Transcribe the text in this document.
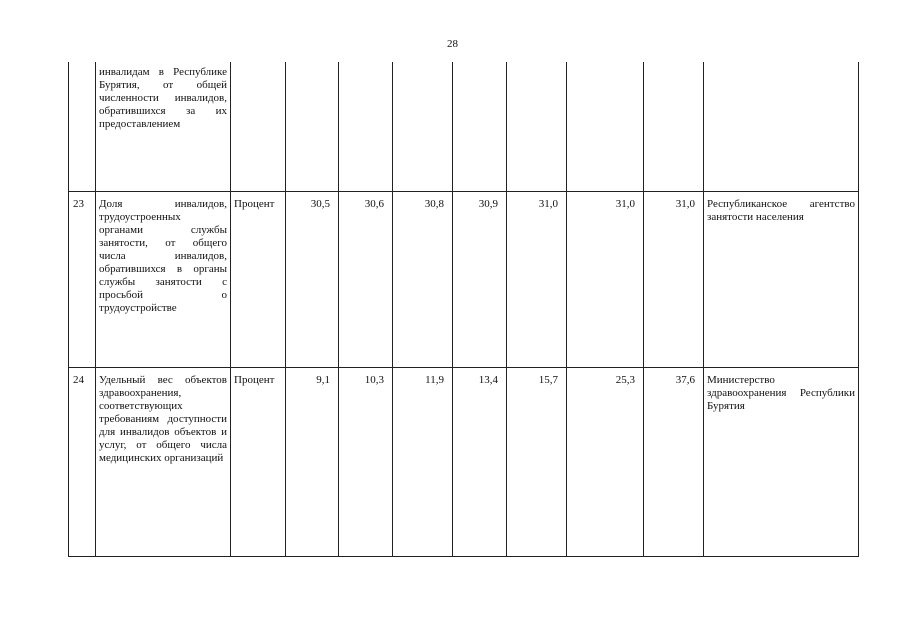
28
	инвалидам в Республике Бурятия, от общей численности инвалидов, обратившихся за их предоставлением									
23	Доля инвалидов, трудоустроенных органами службы занятости, от общего числа инвалидов, обратившихся в органы службы занятости с просьбой о трудоустройстве	Процент	30,5	30,6	30,8	30,9	31,0	31,0	31,0	Республиканское агентство занятости населения
24	Удельный вес объектов здравоохранения, соответствующих требованиям доступности для инвалидов объектов и услуг, от общего числа медицинских организаций	Процент	9,1	10,3	11,9	13,4	15,7	25,3	37,6	Министерство здравоохранения Республики Бурятия
